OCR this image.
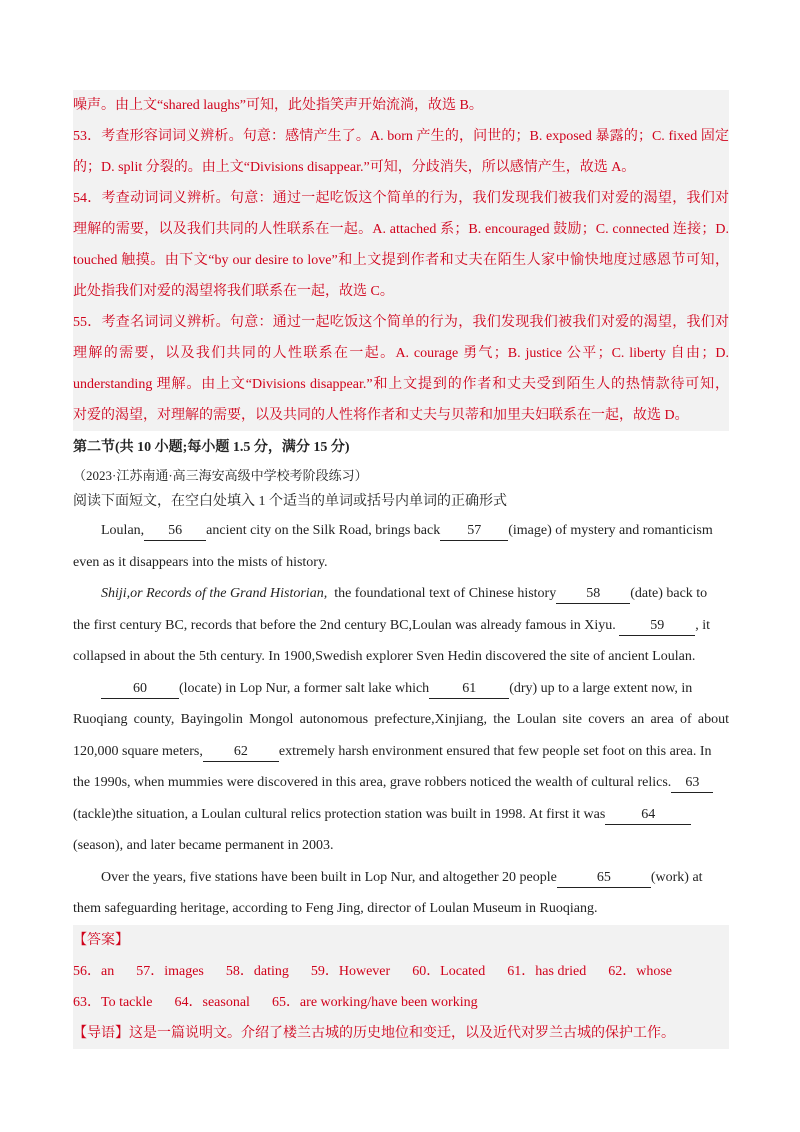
噪声。由上文“shared laughs”可知，此处指笑声开始流淌，故选 B。
53．考查形容词词义辨析。句意：感情产生了。A. born 产生的，问世的；B. exposed 暴露的；C. fixed 固定
的；D. split 分裂的。由上文“Divisions disappear.”可知，分歧消失，所以感情产生，故选 A。
54．考查动词词义辨析。句意：通过一起吃饭这个简单的行为，我们发现我们被我们对爱的渴望，我们对
理解的需要，以及我们共同的人性联系在一起。A. attached 系；B. encouraged 鼓励；C. connected 连接；D.
touched 触摸。由下文“by our desire to love”和上文提到作者和丈夫在陌生人家中愉快地度过感恩节可知，
此处指我们对爱的渴望将我们联系在一起，故选 C。
55．考查名词词义辨析。句意：通过一起吃饭这个简单的行为，我们发现我们被我们对爱的渴望，我们对
理解的需要，以及我们共同的人性联系在一起。A. courage 勇气；B. justice 公平；C. liberty 自由；D.
understanding 理解。由上文“Divisions disappear.”和上文提到的作者和丈夫受到陌生人的热情款待可知，
对爱的渴望，对理解的需要，以及共同的人性将作者和丈夫与贝蒂和加里夫妇联系在一起，故选 D。
第二节(共 10 小题;每小题 1.5 分，满分 15 分)
（2023·江苏南通·高三海安高级中学校考阶段练习）
阅读下面短文，在空白处填入 1 个适当的单词或括号内单词的正确形式
Loulan, 56 ancient city on the Silk Road, brings back 57 (image) of mystery and romanticism
even as it disappears into the mists of history.
Shiji,or Records of the Grand Historian, the foundational text of Chinese history 58 (date) back to
the first century BC, records that before the 2nd century BC,Loulan was already famous in Xiyu. 59 , it
collapsed in about the 5th century. In 1900,Swedish explorer Sven Hedin discovered the site of ancient Loulan.
60 (locate) in Lop Nur, a former salt lake which 61 (dry) up to a large extent now, in
Ruoqiang county, Bayingolin Mongol autonomous prefecture,Xinjiang, the Loulan site covers an area of about
120,000 square meters, 62 extremely harsh environment ensured that few people set foot on this area. In
the 1990s, when mummies were discovered in this area, grave robbers noticed the wealth of cultural relics. 63
(tackle)the situation, a Loulan cultural relics protection station was built in 1998. At first it was	64
(season), and later became permanent in 2003.
Over the years, five stations have been built in Lop Nur, and altogether 20 people	65	(work) at
them safeguarding heritage, according to Feng Jing, director of Loulan Museum in Ruoqiang.
【答案】
56．an 57．images 58．dating 59．However 60．Located 61．has dried 62．whose
63．To tackle 64．seasonal 65．are working/have been working
【导语】这是一篇说明文。介绍了楼兰古城的历史地位和变迁，以及近代对罗兰古城的保护工作。
